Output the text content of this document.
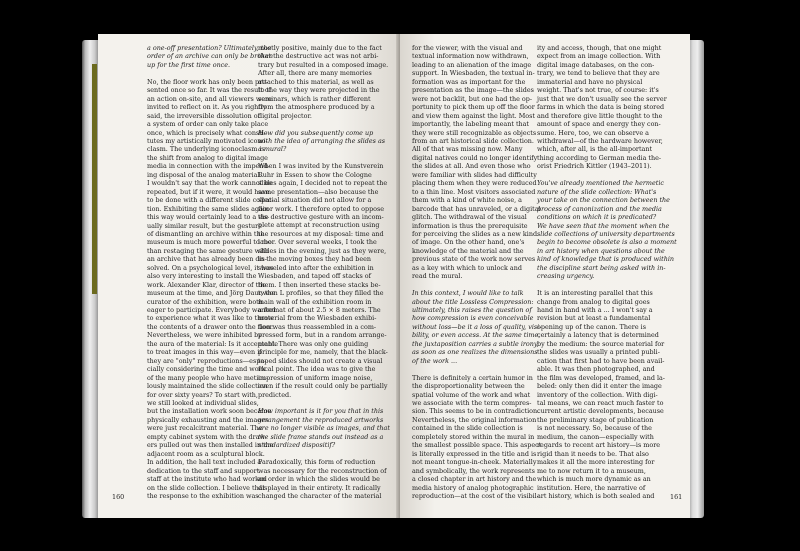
a one-off presentation? Ultimately, the

order of an archive can only be broken

up for the first time once.

No, the floor work has only been pre-

sented once so far. It was the result of

an action on-site, and all viewers were

invited to reflect on it. As you rightly

said, the irreversible dissolution of

a system of order can only take place

once, which is precisely what consti-

tutes my artistically motivated icono-

clasm. The underlying iconoclasm is

the shift from analog to digital image

media in connection with the impend-

ing disposal of the analog material.

I wouldn't say that the work cannot be

repeated, but if it were, it would have

to be done with a different slide collec-

tion. Exhibiting the same slides again

this way would certainly lead to a vis-

ually similar result, but the gesture

of dismantling an archive within the

museum is much more powerful to me

than restaging the same gesture with

an archive that has already been dis-

solved. On a psychological level, it was

also very interesting to install the

work. Alexander Klar, director of the

museum at the time, and Jörg Daur, the

curator of the exhibition, were both

eager to participate. Everybody wanted

to experience what it was like to throw

the contents of a drawer onto the floor.

Nevertheless, we were inhibited by

the aura of the material: Is it acceptable

to treat images in this way—even if

they are "only" reproductions—espe-

cially considering the time and work

of the many people who have meticu-

lously maintained the slide collection

for over sixty years? To start with,

we still looked at individual slides,

but the installation work soon became

physically exhausting and the images

were just recalcitrant material. The

empty cabinet system with the draw-

ers pulled out was then installed in the

adjacent room as a sculptural block.

In addition, the hall text included a

dedication to the staff and support

staff at the institute who had worked

on the slide collection. I believe that

the response to the exhibition was

mostly positive, mainly due to the fact

that the destructive act was not arbi-

trary but resulted in a composed image.

After all, there are many memories

attached to this material, as well as

to the way they were projected in the

seminars, which is rather different

from the atmosphere produced by a

digital projector.

How did you subsequently come up

with the idea of arranging the slides as

a mural?

When I was invited by the Kunstverein

Ruhr in Essen to show the Cologne

slides again, I decided not to repeat the

same presentation—also because the

spatial situation did not allow for a

floor work. I therefore opted to oppose

the destructive gesture with an incom-

plete attempt at reconstruction using

the resources at my disposal: time and

labor. Over several weeks, I took the

slides in the evening, just as they were,

in the moving boxes they had been

shoveled into after the exhibition in

Wiesbaden, and taped off stacks of

them. I then inserted these stacks be-

tween L profiles, so that they filled the

main wall of the exhibition room in

a format of about 2.5 × 8 meters. The

material from the Wiesbaden exhibi-

tion was thus reassembled in a com-

pressed form, but in a random arrange-

ment. There was only one guiding

principle for me, namely, that the black-

taped slides should not create a visual

focal point. The idea was to give the

impression of uniform image noise,

even if the result could only be partially

predicted.

How important is it for you that in this

arrangement the reproduced artworks

are no longer visible as images, and that

the slide frame stands out instead as a

standardized dispositif?

Paradoxically, this form of reduction

was necessary for the reconstruction of

an order in which the slides would be

displayed in their entirety. It radically

changed the character of the material

160

for the viewer, with the visual and

textual information now withdrawn,

leading to an alienation of the image

support. In Wiesbaden, the textual in-

formation was as important for the

presentation as the image—the slides

were not backlit, but one had the op-

portunity to pick them up off the floor

and view them against the light. Most

importantly, the labeling meant that

they were still recognizable as objects

from an art historical slide collection.

All of that was missing now. Many

digital natives could no longer identify

the slides at all. And even those who

were familiar with slides had difficulty

placing them when they were reduced

to a thin line. Most visitors associated

them with a kind of white noise, a

barcode that has unraveled, or a digital

glitch. The withdrawal of the visual

information is thus the prerequisite

for perceiving the slides as a new kind

of image. On the other hand, one's

knowledge of the material and the

previous state of the work now serves

as a key with which to unlock and

read the mural.

In this context, I would like to talk

about the title Lossless Compression:

ultimately, this raises the question of

how compression is even conceivable

without loss—be it a loss of quality, visi-

bility, or even access. At the same time,

the juxtaposition carries a subtle irony,

as soon as one realizes the dimensions

of the work ...

There is definitely a certain humor in

the disproportionality between the

spatial volume of the work and what

we associate with the term compres-

sion. This seems to be in contradiction.

Nevertheless, the original information

contained in the slide collection is

completely stored within the mural in

the smallest possible space. This aspect

is literally expressed in the title and is

not meant tongue-in-cheek. Materially

and symbolically, the work represents

a closed chapter in art history and the

media history of analog photographic

reproduction—at the cost of the visibil-

ity and access, though, that one might

expect from an image collection. With

digital image databases, on the con-

trary, we tend to believe that they are

immaterial and have no physical

weight. That's not true, of course: it's

just that we don't usually see the server

farms in which the data is being stored

and therefore give little thought to the

amount of space and energy they con-

sume. Here, too, we can observe a

withdrawal—of the hardware however,

which, after all, is the all-important

thing according to German media the-

orist Friedrich Kittler (1943–2011).

You've already mentioned the hermetic

nature of the slide collection: What's

your take on the connection between the

process of canonization and the media

conditions on which it is predicated?

We have seen that the moment when the

slide collections of university departments

begin to become obsolete is also a moment

in art history when questions about the

kind of knowledge that is produced within

the discipline start being asked with in-

creasing urgency.

It is an interesting parallel that this

change from analog to digital goes

hand in hand with a ... I won't say a

revision but at least a fundamental

opening up of the canon. There is

certainly a latency that is determined

by the medium: the source material for

the slides was usually a printed publi-

cation that first had to have been avail-

able. It was then photographed, and

the film was developed, framed, and la-

beled: only then did it enter the image

inventory of the collection. With digi-

tal means, we can react much faster to

current artistic developments, because

the preliminary stage of publication

is not necessary. So, because of the

medium, the canon—especially with

regards to recent art history—is more

rigid than it needs to be. That also

makes it all the more interesting for

me to now return it to a museum,

which is much more dynamic as an

institution. Here, the narrative of

art history, which is both sealed and 161
